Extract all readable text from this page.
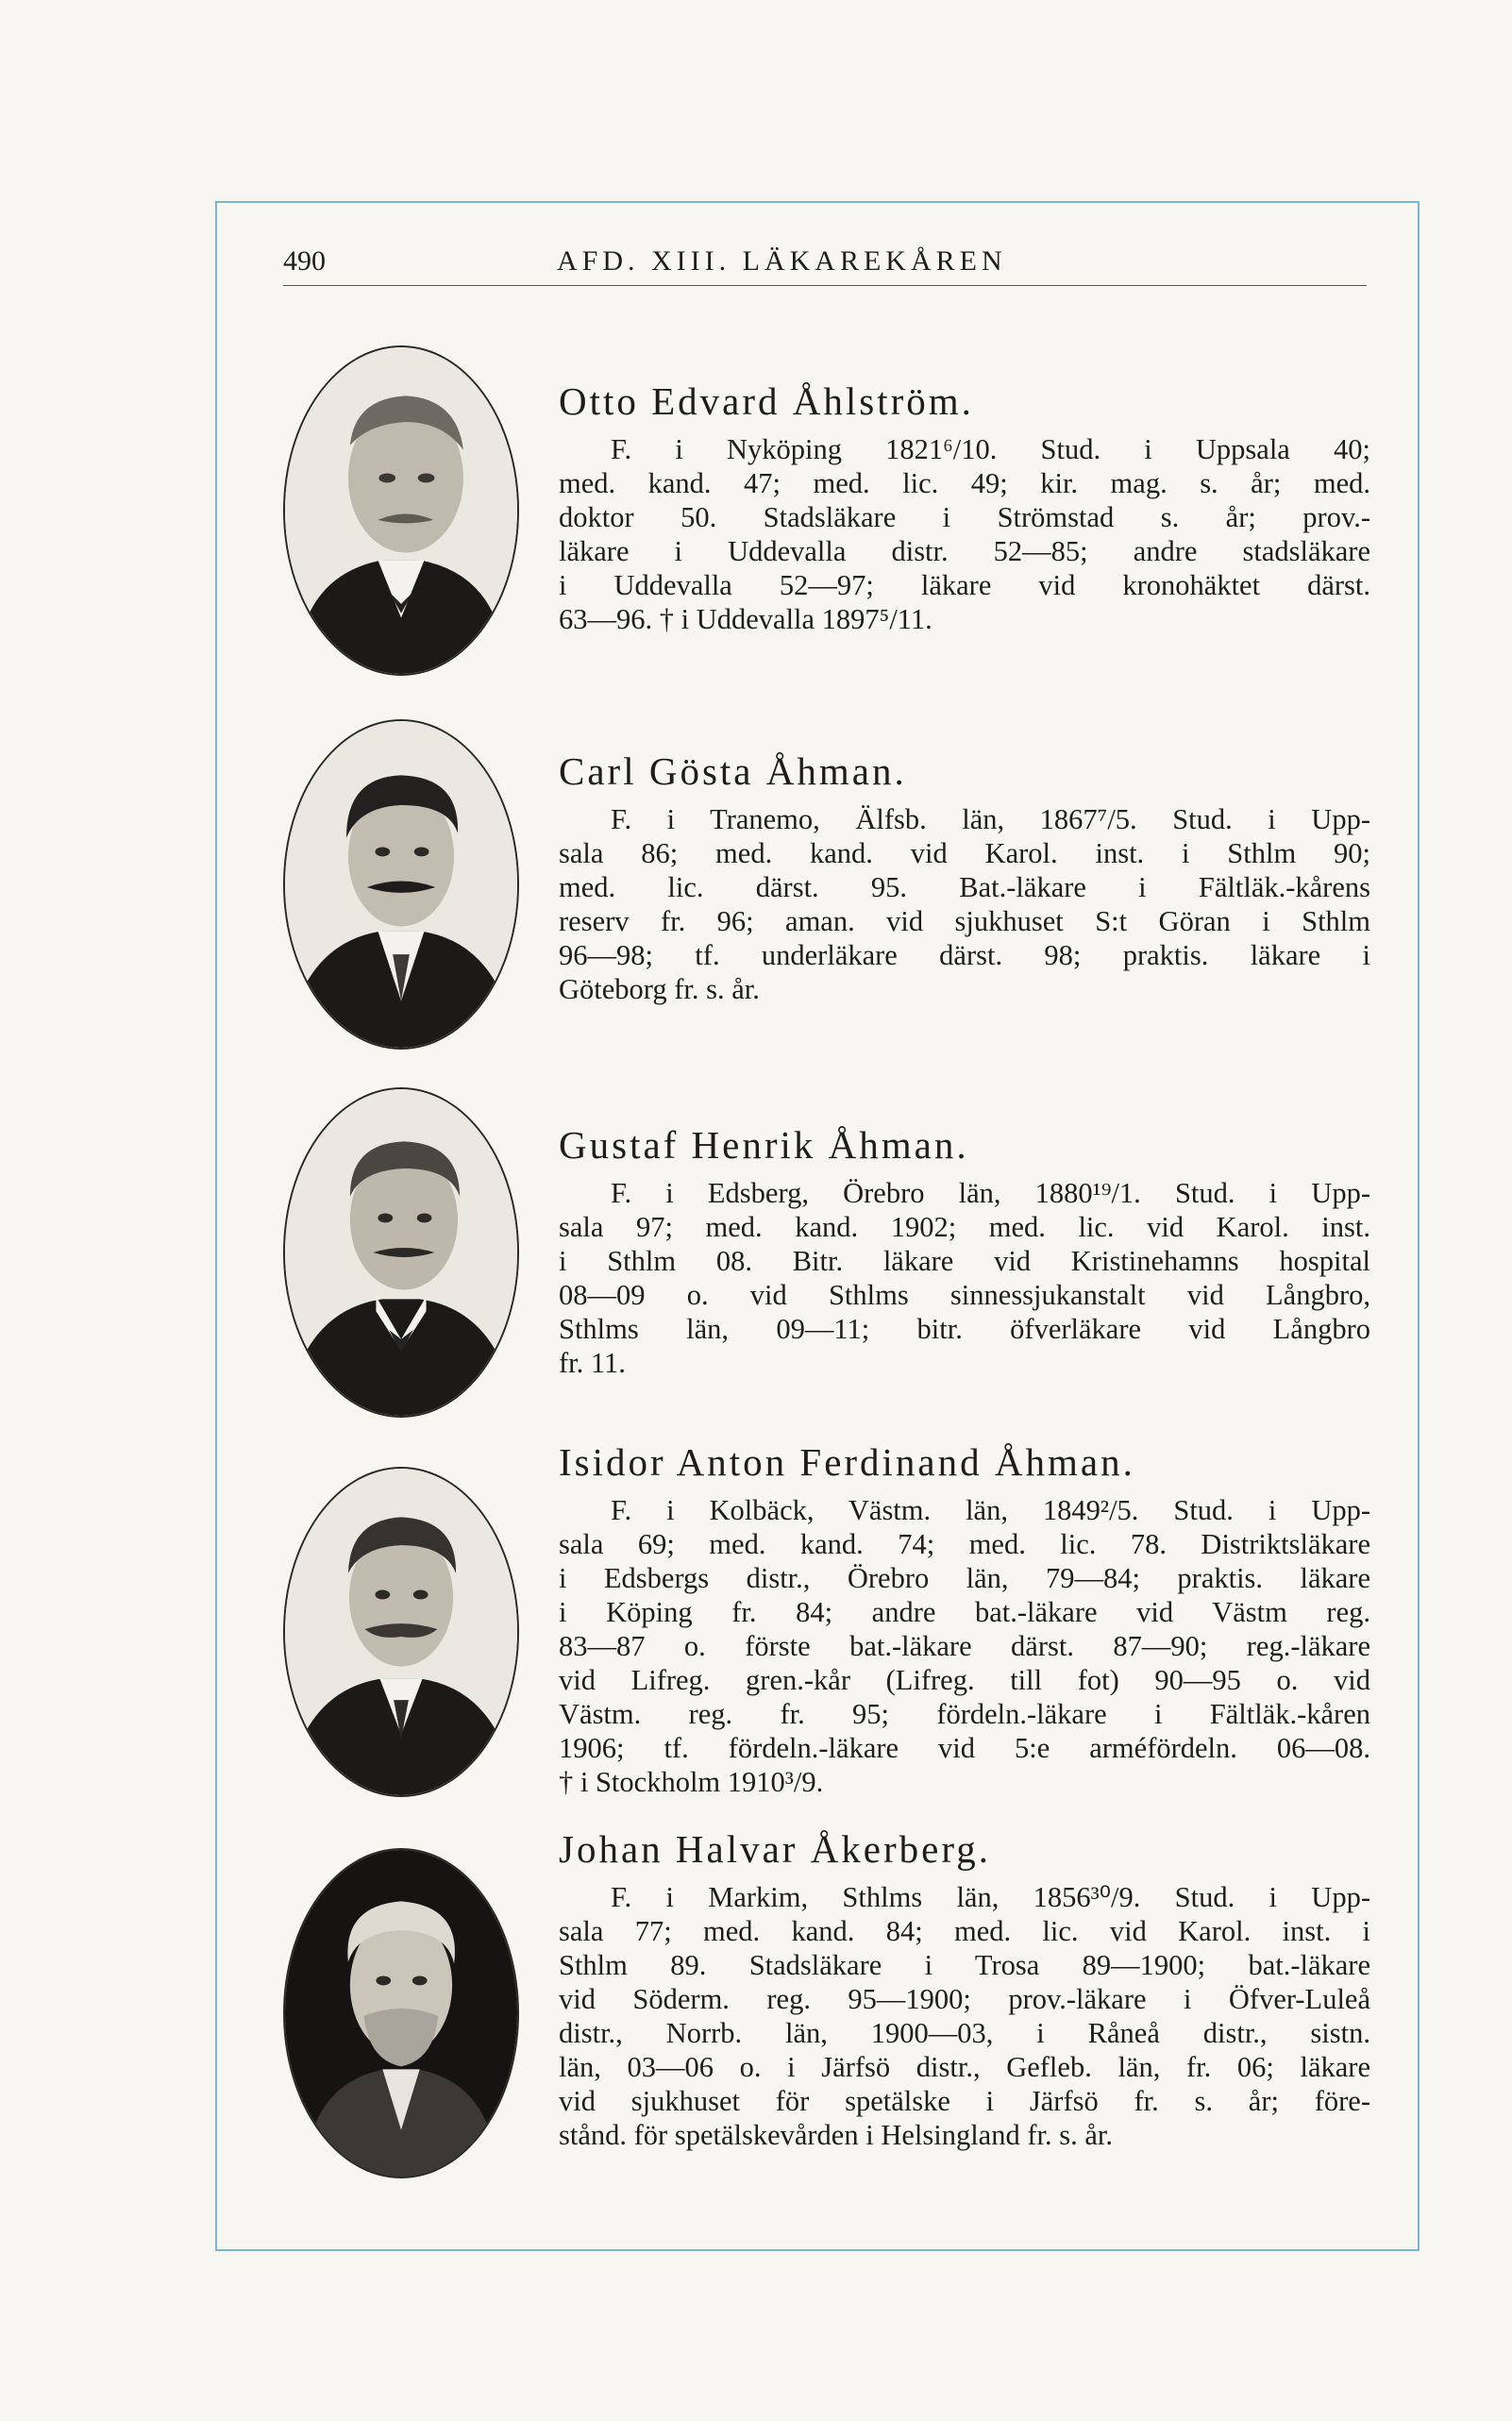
490	AFD. XIII. LÄKAREKÅREN
Otto Edvard Åhlström.
F. i Nyköping 1821⁶/10. Stud. i Uppsala 40;
med. kand. 47; med. lic. 49; kir. mag. s. år; med.
doktor 50. Stadsläkare i Strömstad s. år; prov.-
läkare i Uddevalla distr. 52—85; andre stadsläkare
i Uddevalla 52—97; läkare vid kronohäktet därst.
63—96. † i Uddevalla 1897⁵/11.
Carl Gösta Åhman.
F. i Tranemo, Älfsb. län, 1867⁷/5. Stud. i Upp-
sala 86; med. kand. vid Karol. inst. i Sthlm 90;
med. lic. därst. 95. Bat.-läkare i Fältläk.-kårens
reserv fr. 96; aman. vid sjukhuset S:t Göran i Sthlm
96—98; tf. underläkare därst. 98; praktis. läkare i
Göteborg fr. s. år.
Gustaf Henrik Åhman.
F. i Edsberg, Örebro län, 1880¹⁹/1. Stud. i Upp-
sala 97; med. kand. 1902; med. lic. vid Karol. inst.
i Sthlm 08. Bitr. läkare vid Kristinehamns hospital
08—09 o. vid Sthlms sinnessjukanstalt vid Långbro,
Sthlms län, 09—11; bitr. öfverläkare vid Långbro
fr. 11.
Isidor Anton Ferdinand Åhman.
F. i Kolbäck, Västm. län, 1849²/5. Stud. i Upp-
sala 69; med. kand. 74; med. lic. 78. Distriktsläkare
i Edsbergs distr., Örebro län, 79—84; praktis. läkare
i Köping fr. 84; andre bat.-läkare vid Västm reg.
83—87 o. förste bat.-läkare därst. 87—90; reg.-läkare
vid Lifreg. gren.-kår (Lifreg. till fot) 90—95 o. vid
Västm. reg. fr. 95; fördeln.-läkare i Fältläk.-kåren
1906; tf. fördeln.-läkare vid 5:e arméfördeln. 06—08.
† i Stockholm 1910³/9.
Johan Halvar Åkerberg.
F. i Markim, Sthlms län, 1856³⁰/9. Stud. i Upp-
sala 77; med. kand. 84; med. lic. vid Karol. inst. i
Sthlm 89. Stadsläkare i Trosa 89—1900; bat.-läkare
vid Söderm. reg. 95—1900; prov.-läkare i Öfver-Luleå
distr., Norrb. län, 1900—03, i Råneå distr., sistn.
län, 03—06 o. i Järfsö distr., Gefleb. län, fr. 06; läkare
vid sjukhuset för spetälske i Järfsö fr. s. år; före-
stånd. för spetälskevården i Helsingland fr. s. år.
